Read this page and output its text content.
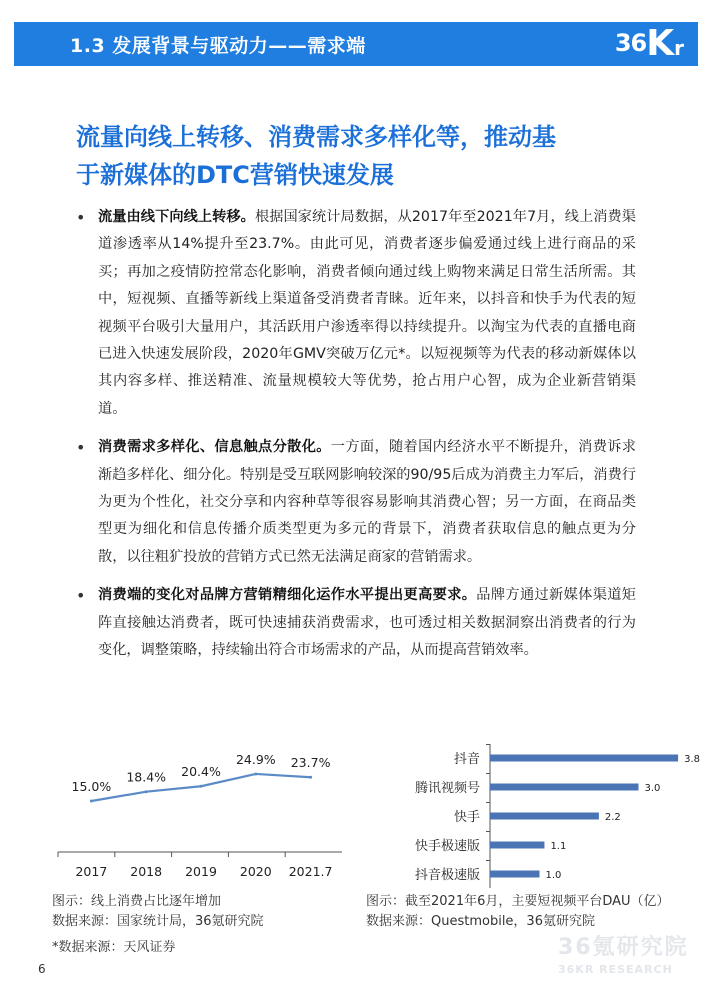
1.3 发展背景与驱动力——需求端	36Kr
流量向线上转移、消费需求多样化等，推动基
于新媒体的DTC营销快速发展
• 流量由线下向线上转移。根据国家统计局数据，从2017年至2021年7月，线上消费渠道渗透率从14%提升至23.7%。由此可见，消费者逐步偏爱通过线上进行商品的采买；再加之疫情防控常态化影响，消费者倾向通过线上购物来满足日常生活所需。其中，短视频、直播等新线上渠道备受消费者青睐。近年来，以抖音和快手为代表的短视频平台吸引大量用户，其活跃用户渗透率得以持续提升。以淘宝为代表的直播电商已进入快速发展阶段，2020年GMV突破万亿元*。以短视频等为代表的移动新媒体以其内容多样、推送精准、流量规模较大等优势，抢占用户心智，成为企业新营销渠道。
• 消费需求多样化、信息触点分散化。一方面，随着国内经济水平不断提升，消费诉求渐趋多样化、细分化。特别是受互联网影响较深的90/95后成为消费主力军后，消费行为更为个性化，社交分享和内容种草等很容易影响其消费心智；另一方面，在商品类型更为细化和信息传播介质类型更为多元的背景下，消费者获取信息的触点更为分散，以往粗犷投放的营销方式已然无法满足商家的营销需求。
• 消费端的变化对品牌方营销精细化运作水平提出更高要求。品牌方通过新媒体渠道矩阵直接触达消费者，既可快速捕获消费需求，也可透过相关数据洞察出消费者的行为变化，调整策略，持续输出符合市场需求的产品，从而提高营销效率。
15.0%
2017
18.4%
2018
20.4%
2019
24.9%
2020
23.7%
2021.7
抖音	3.8
腾讯视频号	3.0
快手	2.2
快手极速版	1.1
抖音极速版	1.0
图示：线上消费占比逐年增加
数据来源：国家统计局，36氪研究院
*数据来源：天风证券
图示：截至2021年6月，主要短视频平台DAU（亿）
数据来源：Questmobile，36氪研究院
36氪研究院
36KR RESEARCH
6
